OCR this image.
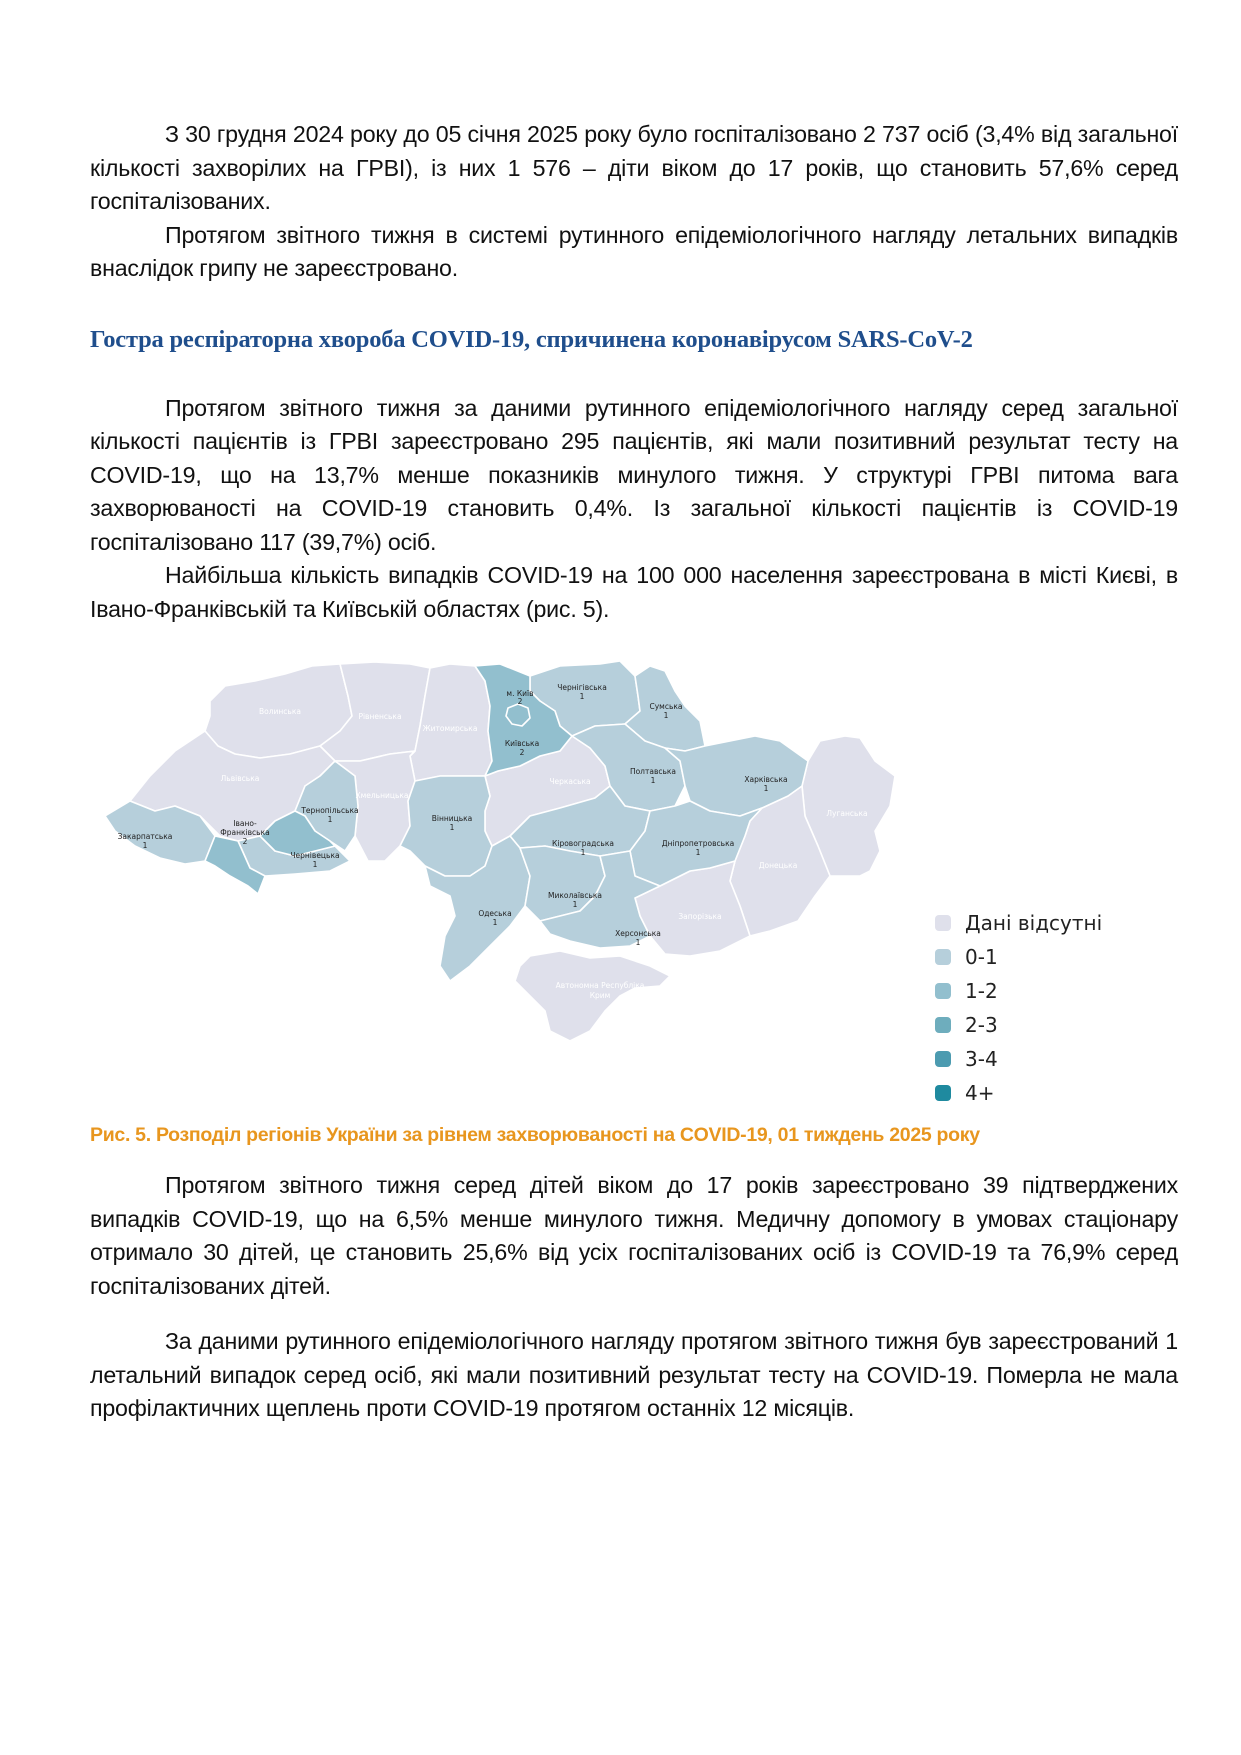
З 30 грудня 2024 року до 05 січня 2025 року було госпіталізовано 2 737 осіб (3,4% від загальної кількості захворілих на ГРВІ), із них 1 576 – діти віком до 17 років, що становить 57,6% серед госпіталізованих.

Протягом звітного тижня в системі рутинного епідеміологічного нагляду летальних випадків внаслідок грипу не зареєстровано.

Гостра респіраторна хвороба COVID-19, спричинена коронавірусом SARS-CoV-2

Протягом звітного тижня за даними рутинного епідеміологічного нагляду серед загальної кількості пацієнтів із ГРВІ зареєстровано 295 пацієнтів, які мали позитивний результат тесту на COVID-19, що на 13,7% менше показників минулого тижня. У структурі ГРВІ питома вага захворюваності на COVID-19 становить 0,4%. Із загальної кількості пацієнтів із COVID-19 госпіталізовано 117 (39,7%) осіб.

Найбільша кількість випадків COVID-19 на 100 000 населення зареєстрована в місті Києві, в Івано-Франківській та Київській областях (рис. 5).

Волинська
Рівненська
Житомирська
Львівська
Хмельницька
Черкаська
Луганська
Донецька
Запорізька
Автономна Республіка
Крим
Тернопільська
1
Закарпатська
1
Івано-
Франківська
2
Чернівецька
1
Вінницька
1
м. Київ
2
Київська
2
Чернігівська
1
Сумська
1
Полтавська
1	Харківська
1
Кіровоградська
1
Дніпропетровська
1
Одеська
1
Миколаївська
1
Херсонська
1
Дані відсутні
0-1
1-2
2-3
3-4
4+
Рис. 5. Розподіл регіонів України за рівнем захворюваності на COVID-19, 01 тиждень 2025 року

Протягом звітного тижня серед дітей віком до 17 років зареєстровано 39 підтверджених випадків COVID-19, що на 6,5% менше минулого тижня. Медичну допомогу в умовах стаціонару отримало 30 дітей, це становить 25,6% від усіх госпіталізованих осіб із COVID-19 та 76,9% серед госпіталізованих дітей.

За даними рутинного епідеміологічного нагляду протягом звітного тижня був зареєстрований 1 летальний випадок серед осіб, які мали позитивний результат тесту на COVID-19. Померла не мала профілактичних щеплень проти COVID-19 протягом останніх 12 місяців.
